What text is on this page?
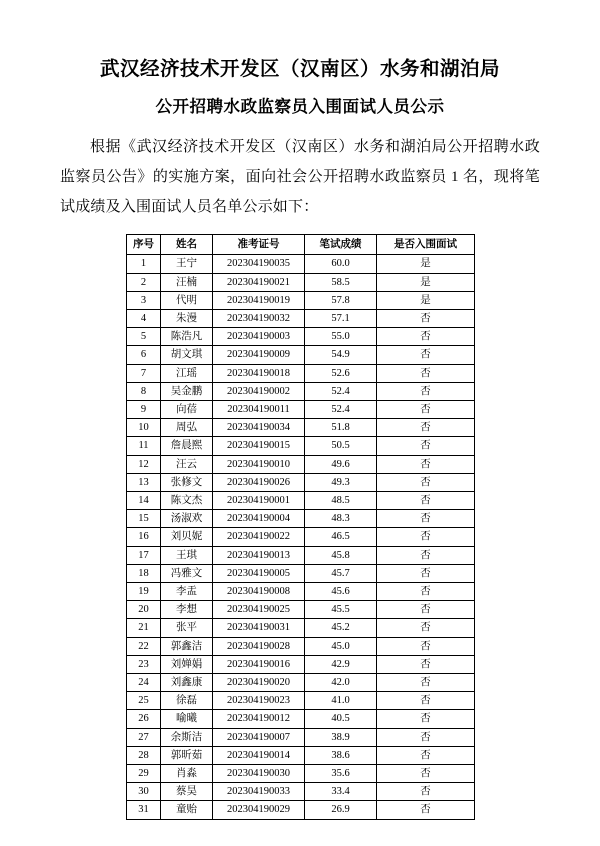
武汉经济技术开发区（汉南区）水务和湖泊局
公开招聘水政监察员入围面试人员公示

根据《武汉经济技术开发区（汉南区）水务和湖泊局公开招聘水政监察员公告》的实施方案，面向社会公开招聘水政监察员 1 名，现将笔试成绩及入围面试人员名单公示如下：

序号	姓名	准考证号	笔试成绩	是否入围面试
1	王宁	202304190035	60.0	是
2	汪楠	202304190021	58.5	是
3	代明	202304190019	57.8	是
4	朱漫	202304190032	57.1	否
5	陈浩凡	202304190003	55.0	否
6	胡文琪	202304190009	54.9	否
7	江瑶	202304190018	52.6	否
8	吴金鹏	202304190002	52.4	否
9	向蓓	202304190011	52.4	否
10	周弘	202304190034	51.8	否
11	詹晨熙	202304190015	50.5	否
12	汪云	202304190010	49.6	否
13	张修文	202304190026	49.3	否
14	陈文杰	202304190001	48.5	否
15	汤淑欢	202304190004	48.3	否
16	刘贝妮	202304190022	46.5	否
17	王琪	202304190013	45.8	否
18	冯雅文	202304190005	45.7	否
19	李盂	202304190008	45.6	否
20	李想	202304190025	45.5	否
21	张平	202304190031	45.2	否
22	郭鑫洁	202304190028	45.0	否
23	刘婵娟	202304190016	42.9	否
24	刘鑫康	202304190020	42.0	否
25	徐磊	202304190023	41.0	否
26	喻曦	202304190012	40.5	否
27	余斯洁	202304190007	38.9	否
28	郭昕茹	202304190014	38.6	否
29	肖淼	202304190030	35.6	否
30	蔡昊	202304190033	33.4	否
31	童贻	202304190029	26.9	否
